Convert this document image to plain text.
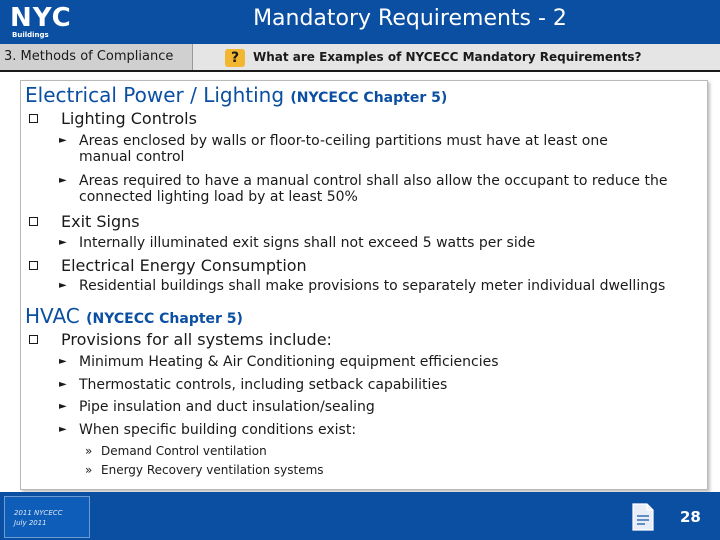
NYC
Buildings
Mandatory Requirements - 2
3. Methods of Compliance	?	What are Examples of NYCECC Mandatory Requirements?
Electrical Power / Lighting (NYCECC Chapter 5)
Lighting Controls
► Areas enclosed by walls or floor-to-ceiling partitions must have at least one
manual control
► Areas required to have a manual control shall also allow the occupant to reduce the
connected lighting load by at least 50%
Exit Signs
► Internally illuminated exit signs shall not exceed 5 watts per side
Electrical Energy Consumption
► Residential buildings shall make provisions to separately meter individual dwellings
HVAC (NYCECC Chapter 5)
Provisions for all systems include:
► Minimum Heating & Air Conditioning equipment efficiencies
► Thermostatic controls, including setback capabilities
► Pipe insulation and duct insulation/sealing
► When specific building conditions exist:
» Demand Control ventilation
» Energy Recovery ventilation systems
2011 NYCECC
July 2011	28
